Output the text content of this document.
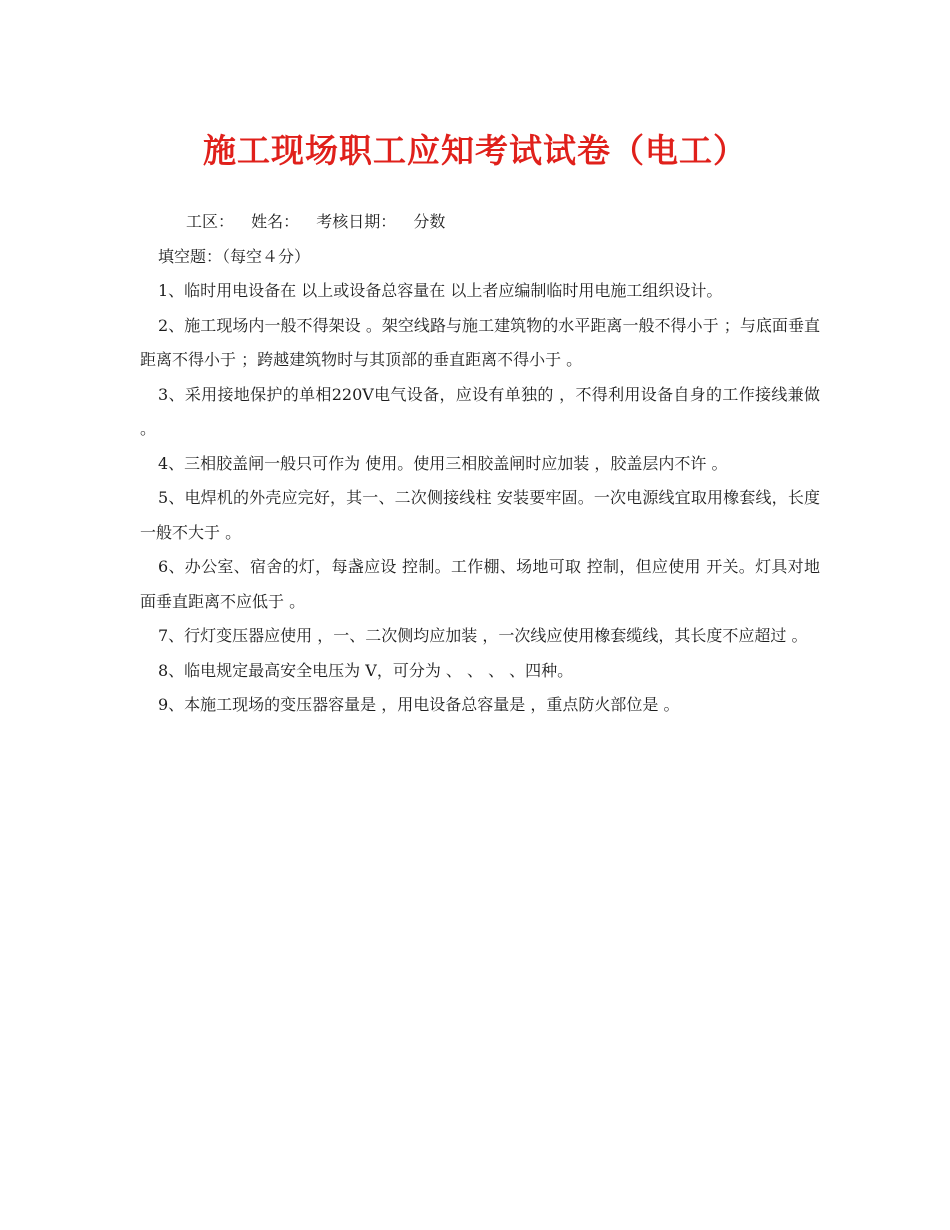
施工现场职工应知考试试卷（电工）

工区： 姓名： 考核日期： 分数

填空题：（每空４分）

1、临时用电设备在 以上或设备总容量在 以上者应编制临时用电施工组织设计。

2、施工现场内一般不得架设 。架空线路与施工建筑物的水平距离一般不得小于 ；与底面垂直距离不得小于 ；跨越建筑物时与其顶部的垂直距离不得小于 。

3、采用接地保护的单相220V电气设备，应设有单独的 ，不得利用设备自身的工作接线兼做 。

4、三相胶盖闸一般只可作为 使用。使用三相胶盖闸时应加装 ，胶盖层内不许 。

5、电焊机的外壳应完好，其一、二次侧接线柱 安装要牢固。一次电源线宜取用橡套线，长度一般不大于 。

6、办公室、宿舍的灯，每盏应设 控制。工作棚、场地可取 控制，但应使用 开关。灯具对地面垂直距离不应低于 。

7、行灯变压器应使用 ，一、二次侧均应加装 ，一次线应使用橡套缆线，其长度不应超过 。

8、临电规定最高安全电压为 V，可分为 、 、 、 、四种。

9、本施工现场的变压器容量是 ，用电设备总容量是 ，重点防火部位是 。
